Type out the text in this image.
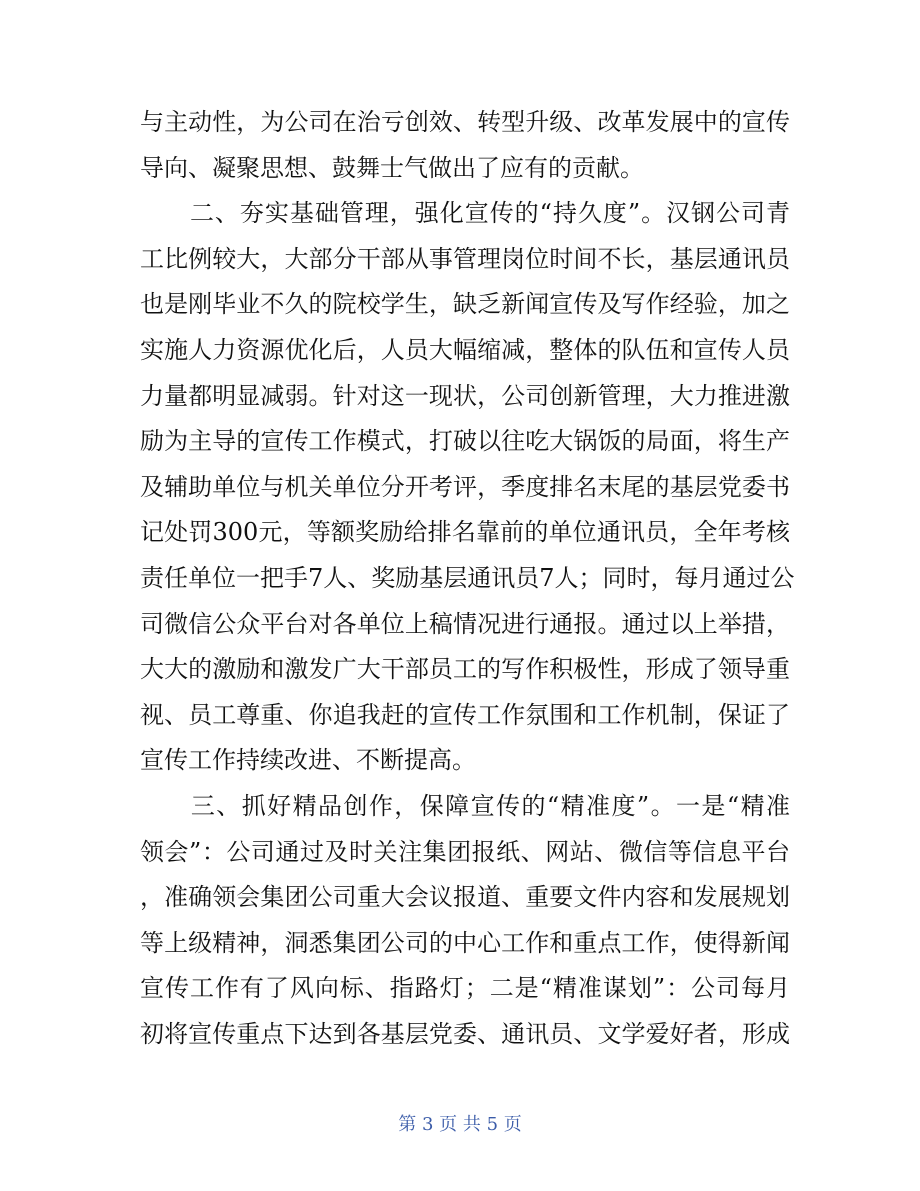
与主动性，为公司在治亏创效、转型升级、改革发展中的宣传
导向、凝聚思想、鼓舞士气做出了应有的贡献。
　　二、夯实基础管理，强化宣传的“持久度”。汉钢公司青
工比例较大，大部分干部从事管理岗位时间不长，基层通讯员
也是刚毕业不久的院校学生，缺乏新闻宣传及写作经验，加之
实施人力资源优化后，人员大幅缩减，整体的队伍和宣传人员
力量都明显减弱。针对这一现状，公司创新管理，大力推进激
励为主导的宣传工作模式，打破以往吃大锅饭的局面，将生产
及辅助单位与机关单位分开考评，季度排名末尾的基层党委书
记处罚300元，等额奖励给排名靠前的单位通讯员，全年考核
责任单位一把手7人、奖励基层通讯员7人；同时，每月通过公
司微信公众平台对各单位上稿情况进行通报。通过以上举措，
大大的激励和激发广大干部员工的写作积极性，形成了领导重
视、员工尊重、你追我赶的宣传工作氛围和工作机制，保证了
宣传工作持续改进、不断提高。
　　三、抓好精品创作，保障宣传的“精准度”。一是“精准
领会”：公司通过及时关注集团报纸、网站、微信等信息平台
，准确领会集团公司重大会议报道、重要文件内容和发展规划
等上级精神，洞悉集团公司的中心工作和重点工作，使得新闻
宣传工作有了风向标、指路灯；二是“精准谋划”：公司每月
初将宣传重点下达到各基层党委、通讯员、文学爱好者，形成
第 3 页 共 5 页
